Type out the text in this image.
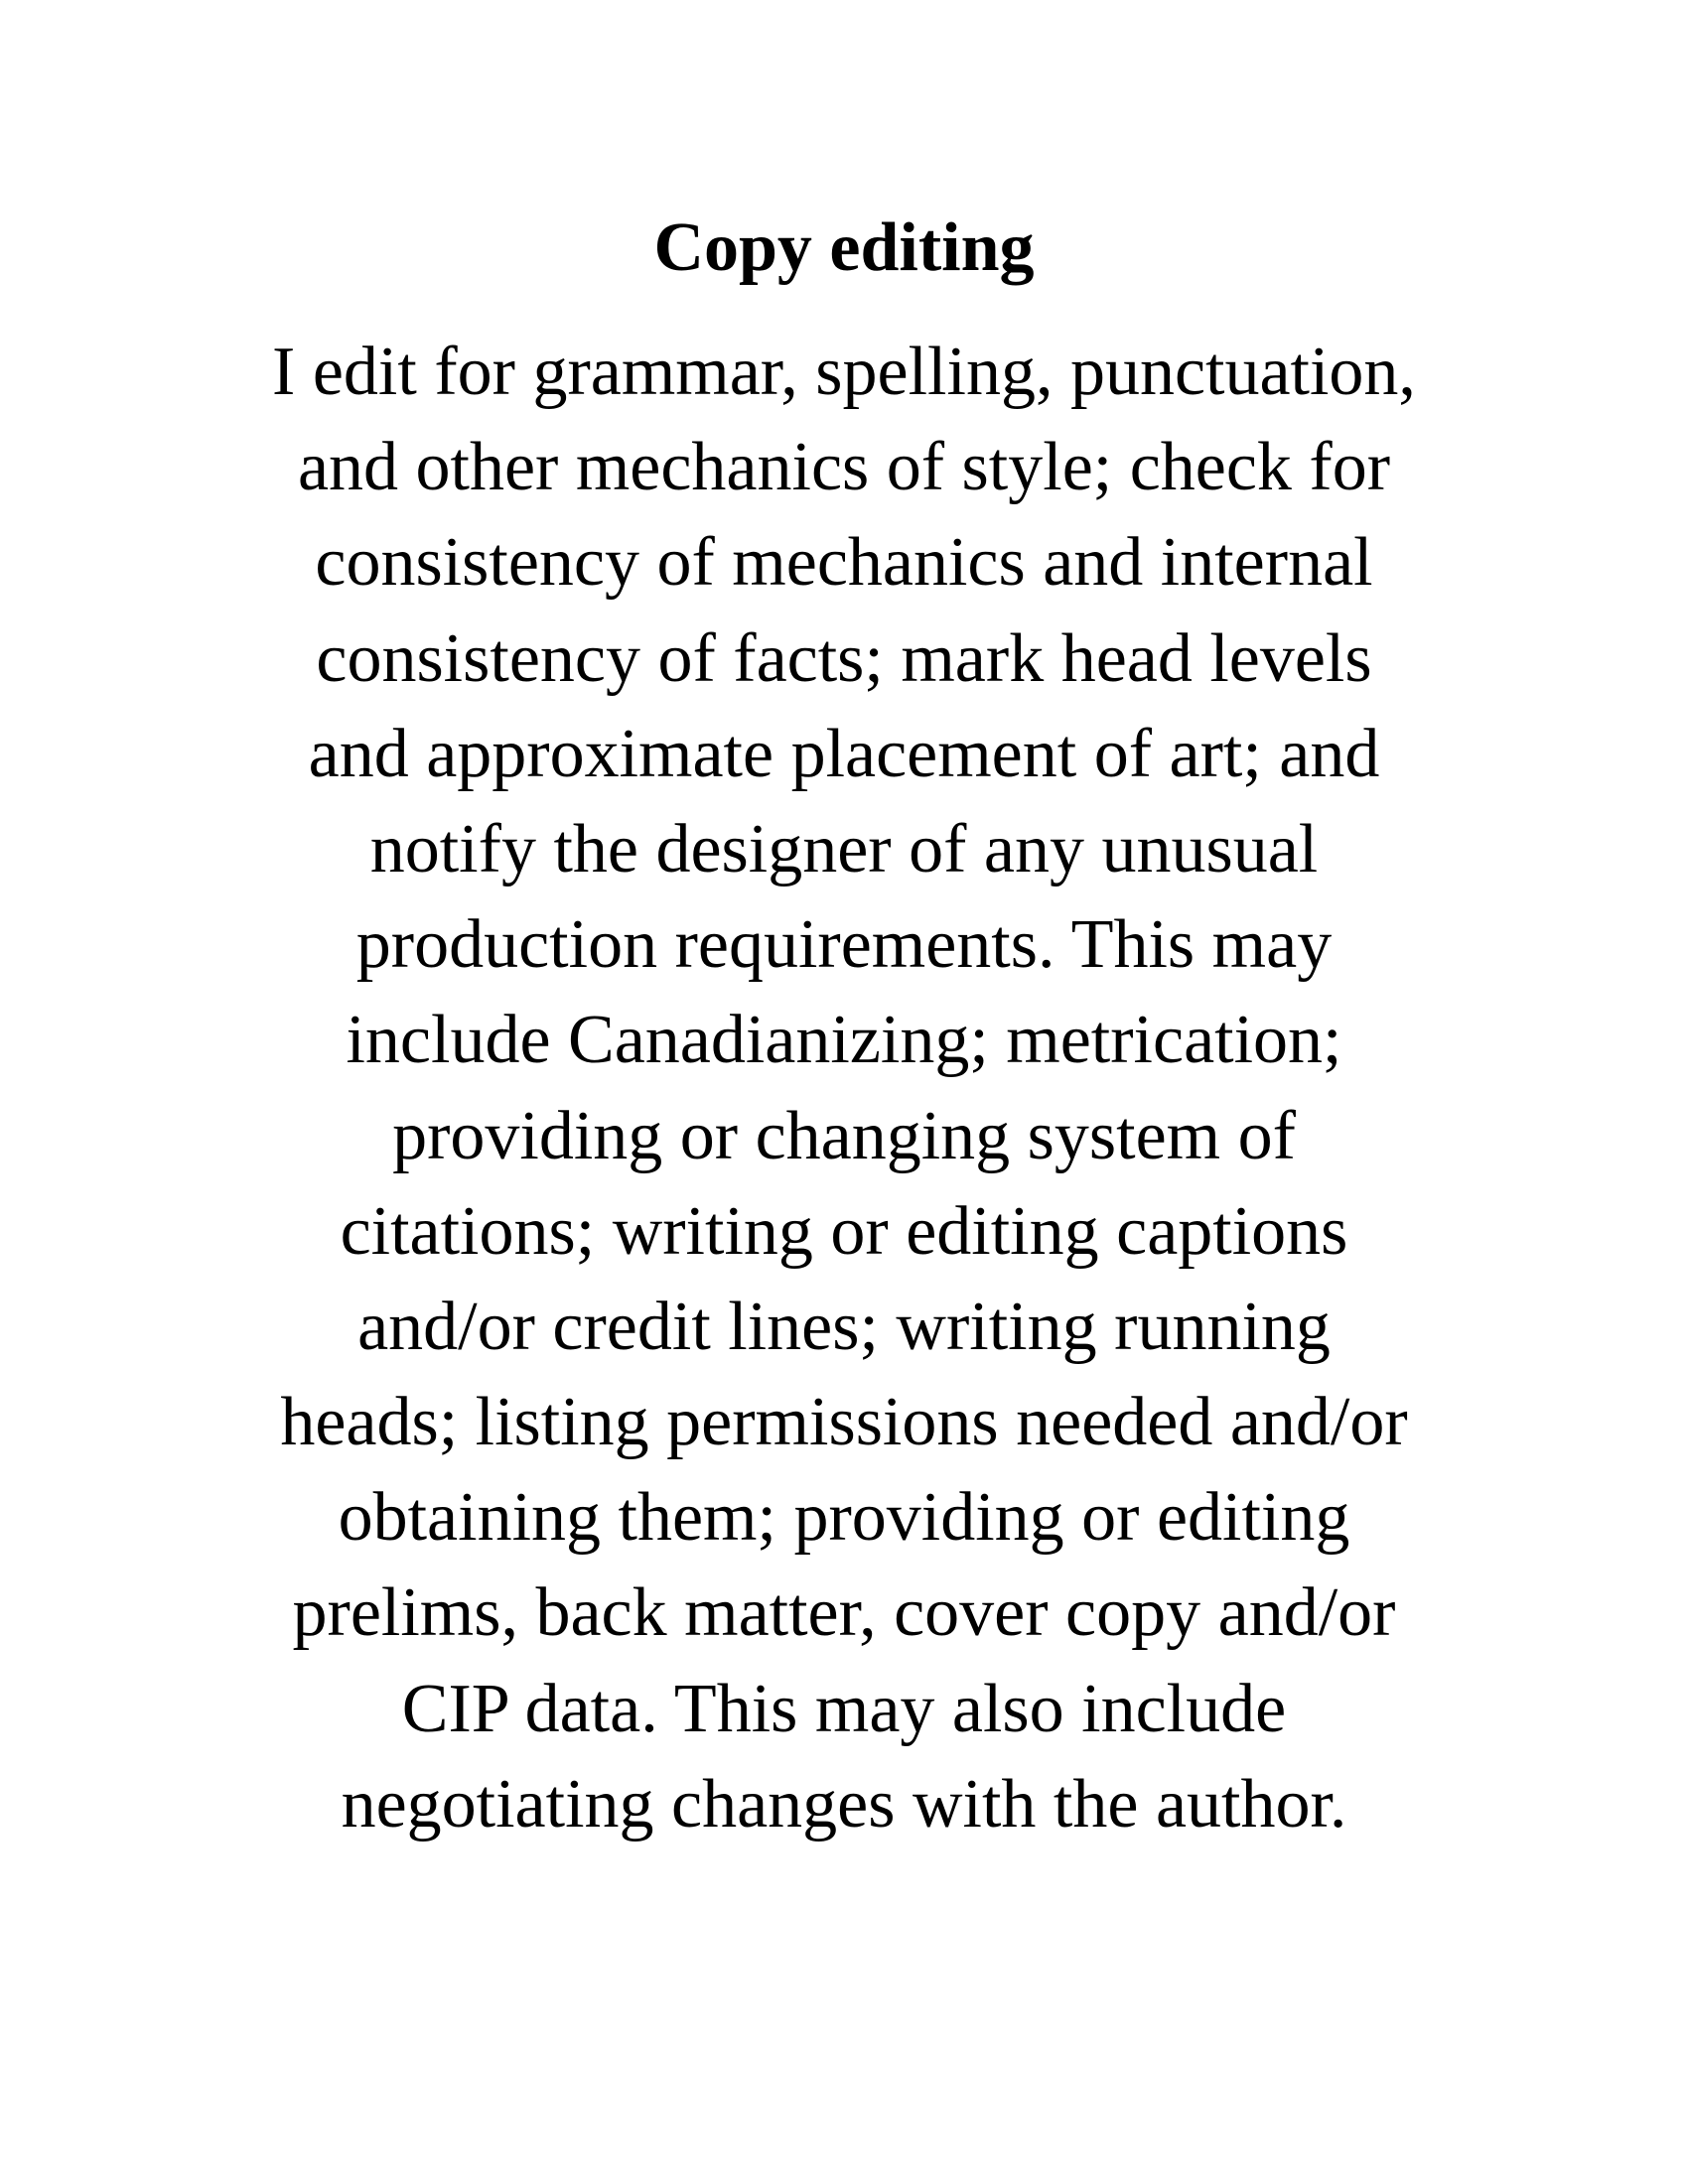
Copy editing
I edit for grammar, spelling, punctuation,
and other mechanics of style; check for
consistency of mechanics and internal
consistency of facts; mark head levels
and approximate placement of art; and
notify the designer of any unusual
production requirements. This may
include Canadianizing; metrication;
providing or changing system of
citations; writing or editing captions
and/or credit lines; writing running
heads; listing permissions needed and/or
obtaining them; providing or editing
prelims, back matter, cover copy and/or
CIP data. This may also include
negotiating changes with the author.
